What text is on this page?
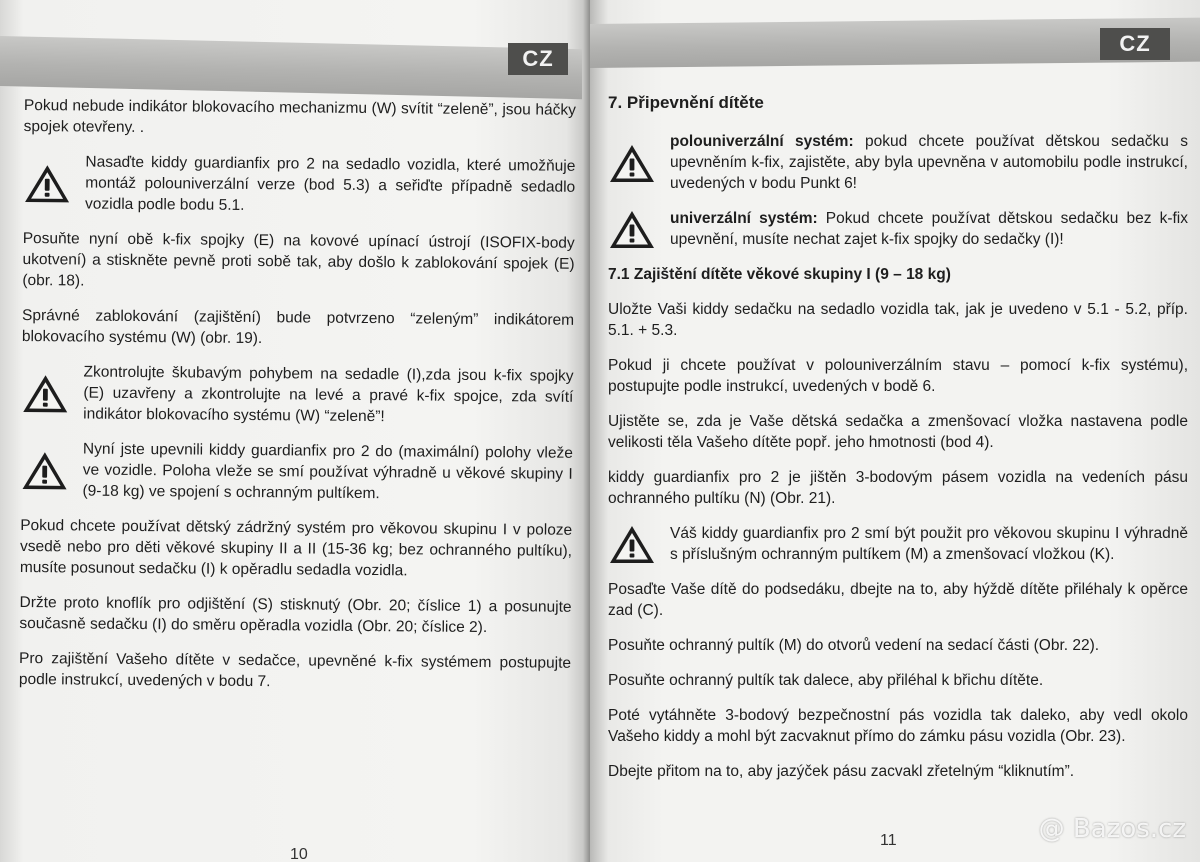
CZ

Pokud nebude indikátor blokovacího mechanizmu (W) svítit “zeleně”, jsou háčky spojek otevřeny. .

Nasaďte kiddy guardianfix pro 2 na sedadlo vozidla, které umožňuje montáž polouniverzální verze (bod 5.3) a seřiďte případně sedadlo vozidla podle bodu 5.1.

Posuňte nyní obě k-fix spojky (E) na kovové upínací ústrojí (ISOFIX-body ukotvení) a stiskněte pevně proti sobě tak, aby došlo k zablokování spojek (E) (obr. 18).

Správné zablokování (zajištění) bude potvrzeno “zeleným” indikátorem blokovacího systému (W) (obr. 19).

Zkontrolujte škubavým pohybem na sedadle (I),zda jsou k-fix spojky (E) uzavřeny a zkontrolujte na levé a pravé k-fix spojce, zda svítí indikátor blokovacího systému (W) “zeleně”!
Nyní jste upevnili kiddy guardianfix pro 2 do (maximální) polohy vleže ve vozidle. Poloha vleže se smí používat výhradně u věkové skupiny I (9-18 kg) ve spojení s ochranným pultíkem.

Pokud chcete používat dětský zádržný systém pro věkovou skupinu I v poloze vsedě nebo pro děti věkové skupiny II a II (15-36 kg; bez ochranného pultíku), musíte posunout sedačku (I) k opěradlu sedadla vozidla.

Držte proto knoflík pro odjištění (S) stisknutý (Obr. 20; číslice 1) a posunujte současně sedačku (I) do směru opěradla vozidla (Obr. 20; číslice 2).

Pro zajištění Vašeho dítěte v sedačce, upevněné k-fix systémem postupujte podle instrukcí, uvedených v bodu 7.

10
CZ
7. Připevnění dítěte
polouniverzální systém: pokud chcete používat dětskou sedačku s upevněním k-fix, zajistěte, aby byla upevněna v automobilu podle instrukcí, uvedených v bodu Punkt 6!
univerzální systém: Pokud chcete používat dětskou sedačku bez k-fix upevnění, musíte nechat zajet k-fix spojky do sedačky (I)!
7.1 Zajištění dítěte věkové skupiny I (9 – 18 kg)

Uložte Vaši kiddy sedačku na sedadlo vozidla tak, jak je uvedeno v 5.1 - 5.2, příp. 5.1. + 5.3.

Pokud ji chcete používat v polouniverzálním stavu – pomocí k-fix systému), postupujte podle instrukcí, uvedených v bodě 6.

Ujistěte se, zda je Vaše dětská sedačka a zmenšovací vložka nastavena podle velikosti těla Vašeho dítěte popř. jeho hmotnosti (bod 4).

kiddy guardianfix pro 2 je jištěn 3-bodovým pásem vozidla na vedeních pásu ochranného pultíku (N) (Obr. 21).

Váš kiddy guardianfix pro 2 smí být použit pro věkovou skupinu I výhradně s příslušným ochranným pultíkem (M) a zmenšovací vložkou (K).

Posaďte Vaše dítě do podsedáku, dbejte na to, aby hýždě dítěte přiléhaly k opěrce zad (C).

Posuňte ochranný pultík (M) do otvorů vedení na sedací části (Obr. 22).

Posuňte ochranný pultík tak dalece, aby přiléhal k břichu dítěte.

Poté vytáhněte 3-bodový bezpečnostní pás vozidla tak daleko, aby vedl okolo Vašeho kiddy a mohl být zacvaknut přímo do zámku pásu vozidla (Obr. 23).

Dbejte přitom na to, aby jazýček pásu zacvakl zřetelným “kliknutím”.

11	@ Bazos.cz
